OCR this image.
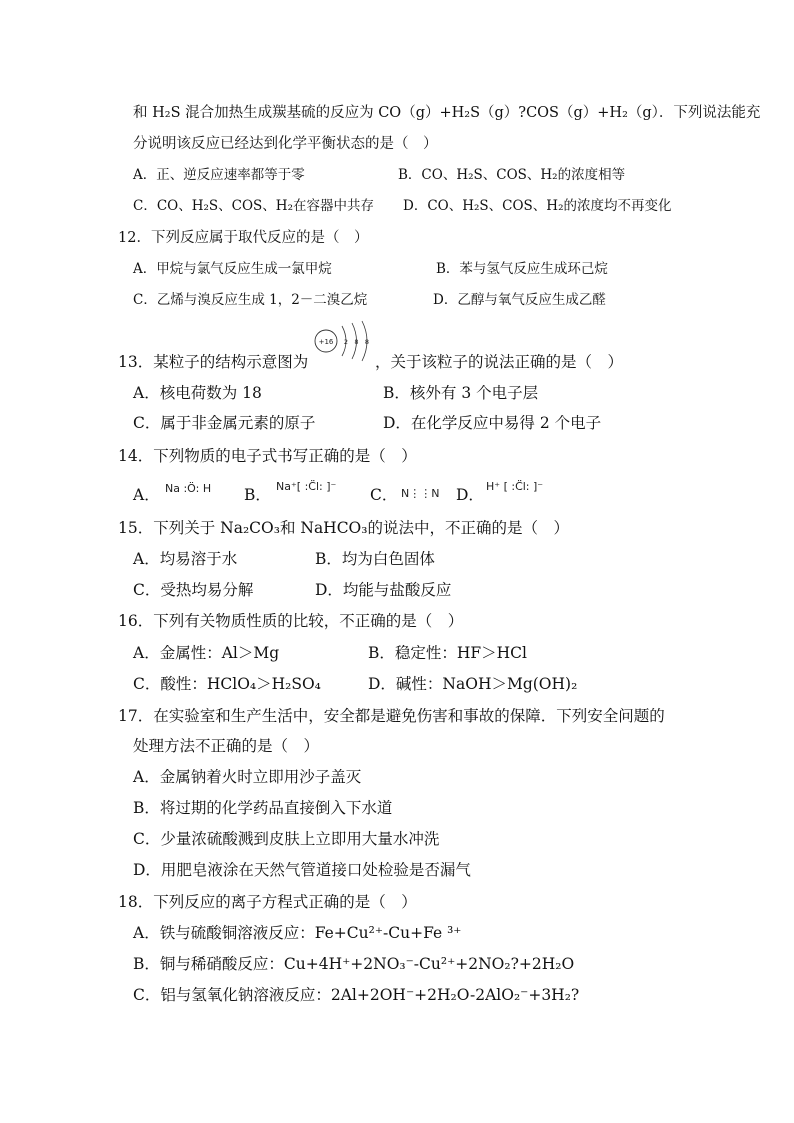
和 H₂S 混合加热生成羰基硫的反应为 CO（g）+H₂S（g）?COS（g）+H₂（g）．下列说法能充
分说明该反应已经达到化学平衡状态的是（　）
A．正、逆反应速率都等于零	B．CO、H₂S、COS、H₂的浓度相等
C．CO、H₂S、COS、H₂在容器中共存 D．CO、H₂S、COS、H₂的浓度均不再变化
12．下列反应属于取代反应的是（　）
A．甲烷与氯气反应生成一氯甲烷	B．苯与氢气反应生成环己烷
C．乙烯与溴反应生成 1，2－二溴乙烷	D．乙醇与氧气反应生成乙醛
13．某粒子的结构示意图为
+16 2 8 8
，关于该粒子的说法正确的是（　）
A．核电荷数为 18	B．核外有 3 个电子层
C．属于非金属元素的原子	D．在化学反应中易得 2 个电子
14．下列物质的电子式书写正确的是（　）
A． Na :Ö: H B． Na⁺[ :C̈l: ]⁻ C． N⋮⋮N D． H⁺ [ :C̈l: ]⁻
15．下列关于 Na₂CO₃和 NaHCO₃的说法中，不正确的是（　）
A．均易溶于水	B．均为白色固体
C．受热均易分解	D．均能与盐酸反应
16．下列有关物质性质的比较，不正确的是（　）
A．金属性：Al＞Mg	B．稳定性：HF＞HCl
C．酸性：HClO₄＞H₂SO₄	D．碱性：NaOH＞Mg(OH)₂
17．在实验室和生产生活中，安全都是避免伤害和事故的保障．下列安全问题的
处理方法不正确的是（　）
A．金属钠着火时立即用沙子盖灭
B．将过期的化学药品直接倒入下水道
C．少量浓硫酸溅到皮肤上立即用大量水冲洗
D．用肥皂液涂在天然气管道接口处检验是否漏气
18．下列反应的离子方程式正确的是（　）
A．铁与硫酸铜溶液反应：Fe+Cu²⁺-Cu+Fe ³⁺
B．铜与稀硝酸反应：Cu+4H⁺+2NO₃⁻-Cu²⁺+2NO₂?+2H₂O
C．铝与氢氧化钠溶液反应：2Al+2OH⁻+2H₂O-2AlO₂⁻+3H₂?
